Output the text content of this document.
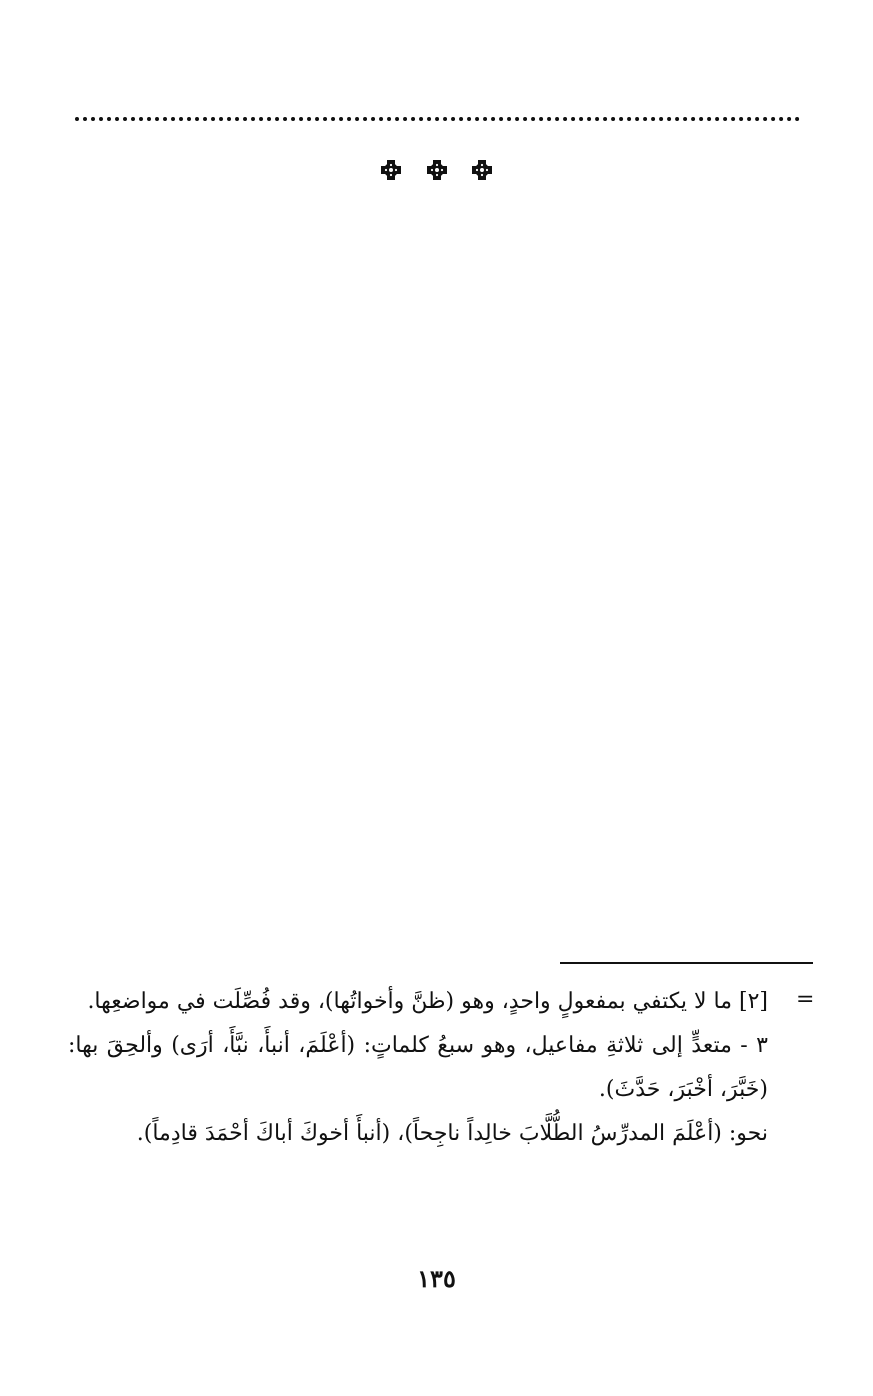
=

[٢] ما لا يكتفي بمفعولٍ واحدٍ، وهو (ظنَّ وأخواتُها)، وقد فُصِّلَت في مواضعِها.

٣ - متعدٍّ إلى ثلاثةِ مفاعيل، وهو سبعُ كلماتٍ: (أعْلَمَ، أنبأَ، نبَّأَ، أرَى) وألحِقَ بها: (خَبَّرَ، أخْبَرَ، حَدَّثَ).

نحو: (أعْلَمَ المدرِّسُ الطُّلَّابَ خالِداً ناجِحاً)، (أنبأَ أخوكَ أباكَ أحْمَدَ قادِماً).

١٣٥
